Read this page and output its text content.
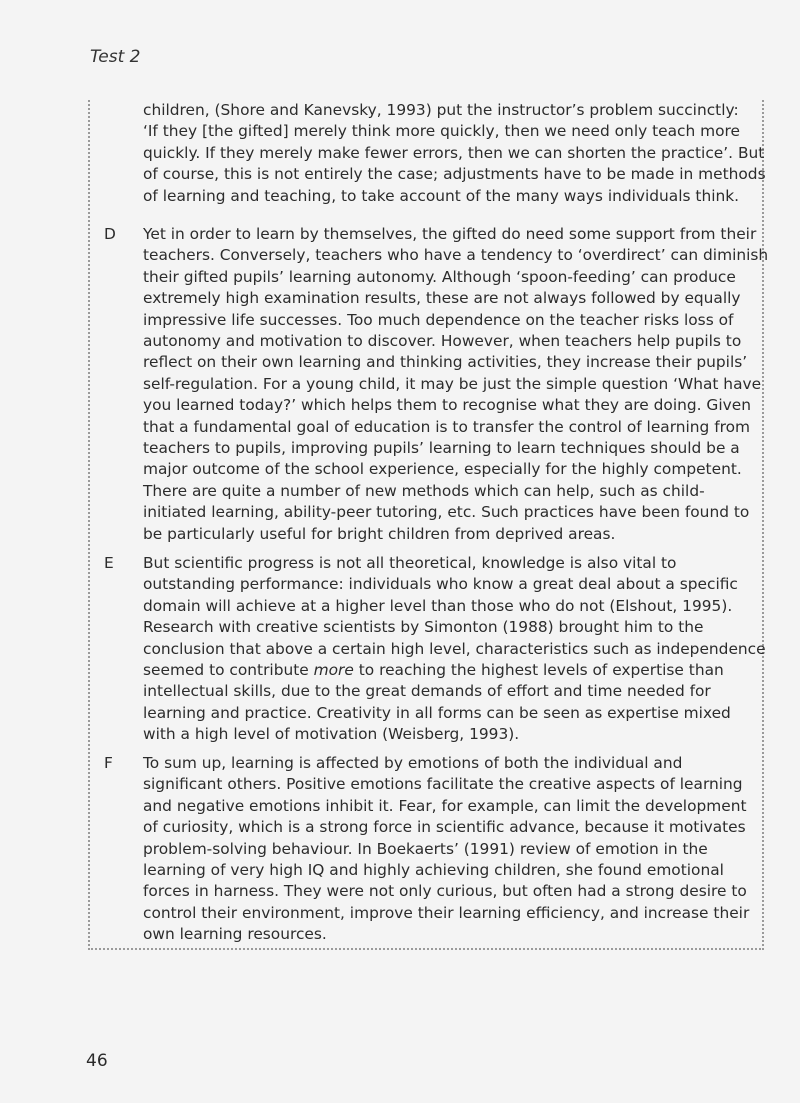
Test 2
children, (Shore and Kanevsky, 1993) put the instructor’s problem succinctly:
‘If they [the gifted] merely think more quickly, then we need only teach more
quickly. If they merely make fewer errors, then we can shorten the practice’. But
of course, this is not entirely the case; adjustments have to be made in methods
of learning and teaching, to take account of the many ways individuals think.
D Yet in order to learn by themselves, the gifted do need some support from their
teachers. Conversely, teachers who have a tendency to ‘overdirect’ can diminish
their gifted pupils’ learning autonomy. Although ‘spoon-feeding’ can produce
extremely high examination results, these are not always followed by equally
impressive life successes. Too much dependence on the teacher risks loss of
autonomy and motivation to discover. However, when teachers help pupils to
reflect on their own learning and thinking activities, they increase their pupils’
self-regulation. For a young child, it may be just the simple question ‘What have
you learned today?’ which helps them to recognise what they are doing. Given
that a fundamental goal of education is to transfer the control of learning from
teachers to pupils, improving pupils’ learning to learn techniques should be a
major outcome of the school experience, especially for the highly competent.
There are quite a number of new methods which can help, such as child-
initiated learning, ability-peer tutoring, etc. Such practices have been found to
be particularly useful for bright children from deprived areas.
E But scientific progress is not all theoretical, knowledge is also vital to
outstanding performance: individuals who know a great deal about a specific
domain will achieve at a higher level than those who do not (Elshout, 1995).
Research with creative scientists by Simonton (1988) brought him to the
conclusion that above a certain high level, characteristics such as independence
seemed to contribute more to reaching the highest levels of expertise than
intellectual skills, due to the great demands of effort and time needed for
learning and practice. Creativity in all forms can be seen as expertise mixed
with a high level of motivation (Weisberg, 1993).
F To sum up, learning is affected by emotions of both the individual and
significant others. Positive emotions facilitate the creative aspects of learning
and negative emotions inhibit it. Fear, for example, can limit the development
of curiosity, which is a strong force in scientific advance, because it motivates
problem-solving behaviour. In Boekaerts’ (1991) review of emotion in the
learning of very high IQ and highly achieving children, she found emotional
forces in harness. They were not only curious, but often had a strong desire to
control their environment, improve their learning efficiency, and increase their
own learning resources.
46
